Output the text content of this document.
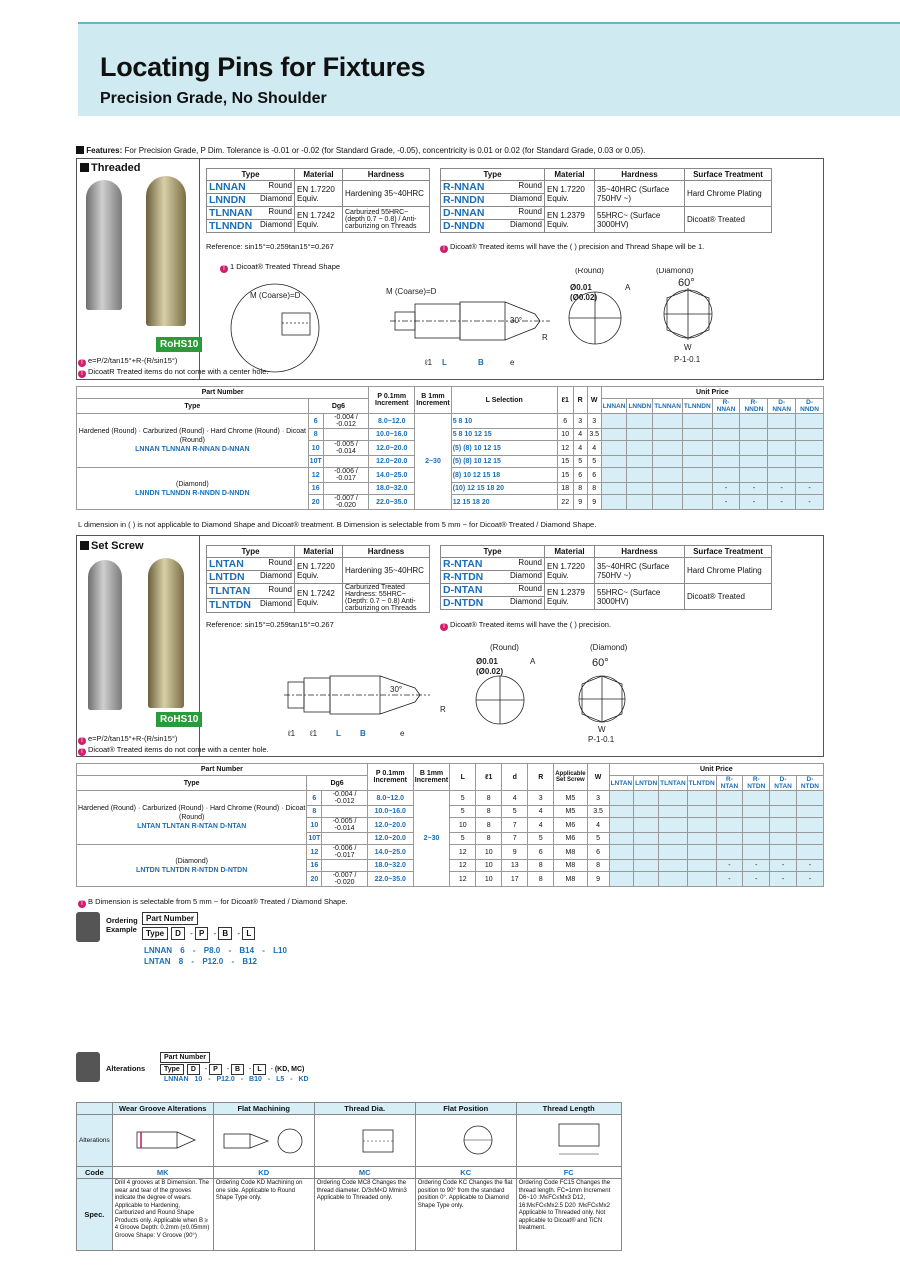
Locating Pins for Fixtures
Precision Grade, No Shoulder
Features: For Precision Grade, P Dim. Tolerance is -0.01 or -0.02 (for Standard Grade, -0.05), concentricity is 0.01 or 0.02 (for Standard Grade, 0.03 or 0.05).
Threaded
RoHS10
T e=P/2/tan15°+R-(R/sin15°)
T DicoatR Treated items do not come with a center hole.
Type	Material	Hardness
LNNAN Round	EN 1.7220 Equiv.	Hardening 35~40HRC
LNNDN Diamond		

TLNNAN Round	EN 1.7242 Equiv.	Carburized 55HRC~ (depth 0.7 ~ 0.8) / Anti-carburizing on Threads
TLNNDN Diamond		
Reference: sin15°=0.259tan15°=0.267
Type	Material	Hardness	Surface Treatment
R-NNAN Round	EN 1.7220 Equiv.	35~40HRC (Surface 750HV ~)	Hard Chrome Plating
R-NNDN Diamond			

D-NNAN Round	EN 1.2379 Equiv.	55HRC~ (Surface 3000HV)	Dicoat® Treated
D-NNDN Diamond			
T Dicoat® Treated items will have the ( ) precision and Thread Shape will be 1.
T 1 Dicoat® Treated Thread Shape
M (Coarse)=D	M (Coarse)=D
ℓ1 L	B	e
R
30°
(Round)
Ø0.01
(Ø0.02)
A
(Diamond)
60°
W
P-1-0.1
Part Number			P 0.1mm Increment	B 1mm Increment	L Selection	ℓ1	R	W	Unit Price							
Type	Dg6								LNNAN	LNNDN	TLNNAN	TLNNDN	R-NNAN	R-NNDN	D-NNAN	D-NNDN
Hardened (Round) · Carburized (Round) · Hard Chrome (Round) · Dicoat (Round)
LNNAN TLNNAN R-NNAN D-NNAN	6	-0.004 / -0.012	8.0~12.0	2~30	5 8 10	6	3	3								
	8		10.0~16.0		5 8 10 12 15	10	4	3.5								
	10	-0.005 / -0.014	12.0~20.0		(5) (8) 10 12 15	12	4	4								
	10T		12.0~20.0		(5) (8) 10 12 15	15	5	5								
(Diamond)
LNNDN TLNNDN R-NNDN D-NNDN	12	-0.006 / -0.017	14.0~25.0		(8) 10 12 15 18	15	6	6								
	16		18.0~32.0		(10) 12 15 18 20	18	8	8					-	-	-	-
	20	-0.007 / -0.020	22.0~35.0		12 15 18 20	22	9	9					-	-	-	-
L dimension in ( ) is not applicable to Diamond Shape and Dicoat® treatment. B Dimension is selectable from 5 mm ~ for Dicoat® Treated / Diamond Shape.
Set Screw
RoHS10
T e=P/2/tan15°+R-(R/sin15°)
T Dicoat® Treated items do not come with a center hole.
Type	Material	Hardness
LNTAN Round	EN 1.7220 Equiv.	Hardening 35~40HRC
LNTDN Diamond		

TLNTAN Round	EN 1.7242 Equiv.	Carburized Treated Hardness: 55HRC~ (Depth: 0.7 ~ 0.8) Anti-carburizing on Threads
TLNTDN Diamond		
Reference: sin15°=0.259tan15°=0.267
Type	Material	Hardness	Surface Treatment
R-NTAN Round	EN 1.7220 Equiv.	35~40HRC (Surface 750HV ~)	Hard Chrome Plating
R-NTDN Diamond			

D-NTAN Round	EN 1.2379 Equiv.	55HRC~ (Surface 3000HV)	Dicoat® Treated
D-NTDN Diamond			
T Dicoat® Treated items will have the ( ) precision.
ℓ1 ℓ1 L B	e
R
30°
(Round)
Ø0.01
(Ø0.02)
A
(Diamond)
60°
W
P-1-0.1
Part Number			P 0.1mm Increment	B 1mm Increment	L	ℓ1	d	R	Applicable Set Screw	W	Unit Price							
Type	Dg6										LNTAN	LNTDN	TLNTAN	TLNTDN	R-NTAN	R-NTDN	D-NTAN	D-NTDN
Hardened (Round) · Carburized (Round) · Hard Chrome (Round) · Dicoat (Round)
LNTAN TLNTAN R-NTAN D-NTAN	6	-0.004 / -0.012	8.0~12.0	2~30	5	8	4	3	M5	3								
	8		10.0~16.0		5	8	5	4	M5	3.5								
	10	-0.005 / -0.014	12.0~20.0		10	8	7	4	M6	4								
	10T		12.0~20.0		5	8	7	5	M6	5								
(Diamond)
LNTDN TLNTDN R-NTDN D-NTDN	12	-0.006 / -0.017	14.0~25.0		12	10	9	6	M8	6								
	16		18.0~32.0		12	10	13	8	M8	8					-	-	-	-
	20	-0.007 / -0.020	22.0~35.0		12	10	17	8	M8	9					-	-	-	-
T B Dimension is selectable from 5 mm ~ for Dicoat® Treated / Diamond Shape.
Ordering Example
Part Number
Type D - P - B - L
LNNAN 6 - P8.0 - B14 - L10
LNTAN 8 - P12.0 - B12
Alterations
Part Number
Type D - P - B - L - (KD, MC)
LNNAN 10 - P12.0 - B10 - L5 - KD
	Wear Groove Alterations	Flat Machining	Thread Dia.	Flat Position	Thread Length
Alterations					
Code	MK	KD	MC	KC	FC
Spec.	Drill 4 grooves at B Dimension. The wear and tear of the grooves indicate the degree of wears. Applicable to Hardening, Carburized and Round Shape Products only. Applicable when B ≥ 4 Groove Depth: 0.2mm (±0.05mm) Groove Shape: V Groove (90°)	Ordering Code KD Machining on one side. Applicable to Round Shape Type only.	Ordering Code MC8 Changes the thread diameter. D/3≤M<D Mmin3 Applicable to Threaded only.	Ordering Code KC Changes the flat position to 90° from the standard position 0°. Applicable to Diamond Shape Type only.	Ordering Code FC15 Changes the thread length. FC=1mm Increment D6~10 :M≤FC≤Mx3 D12, 16:M≤FC≤Mx2.5 D20 :M≤FC≤Mx2 Applicable to Threaded only. Not applicable to Dicoat® and TiCN treatment.
